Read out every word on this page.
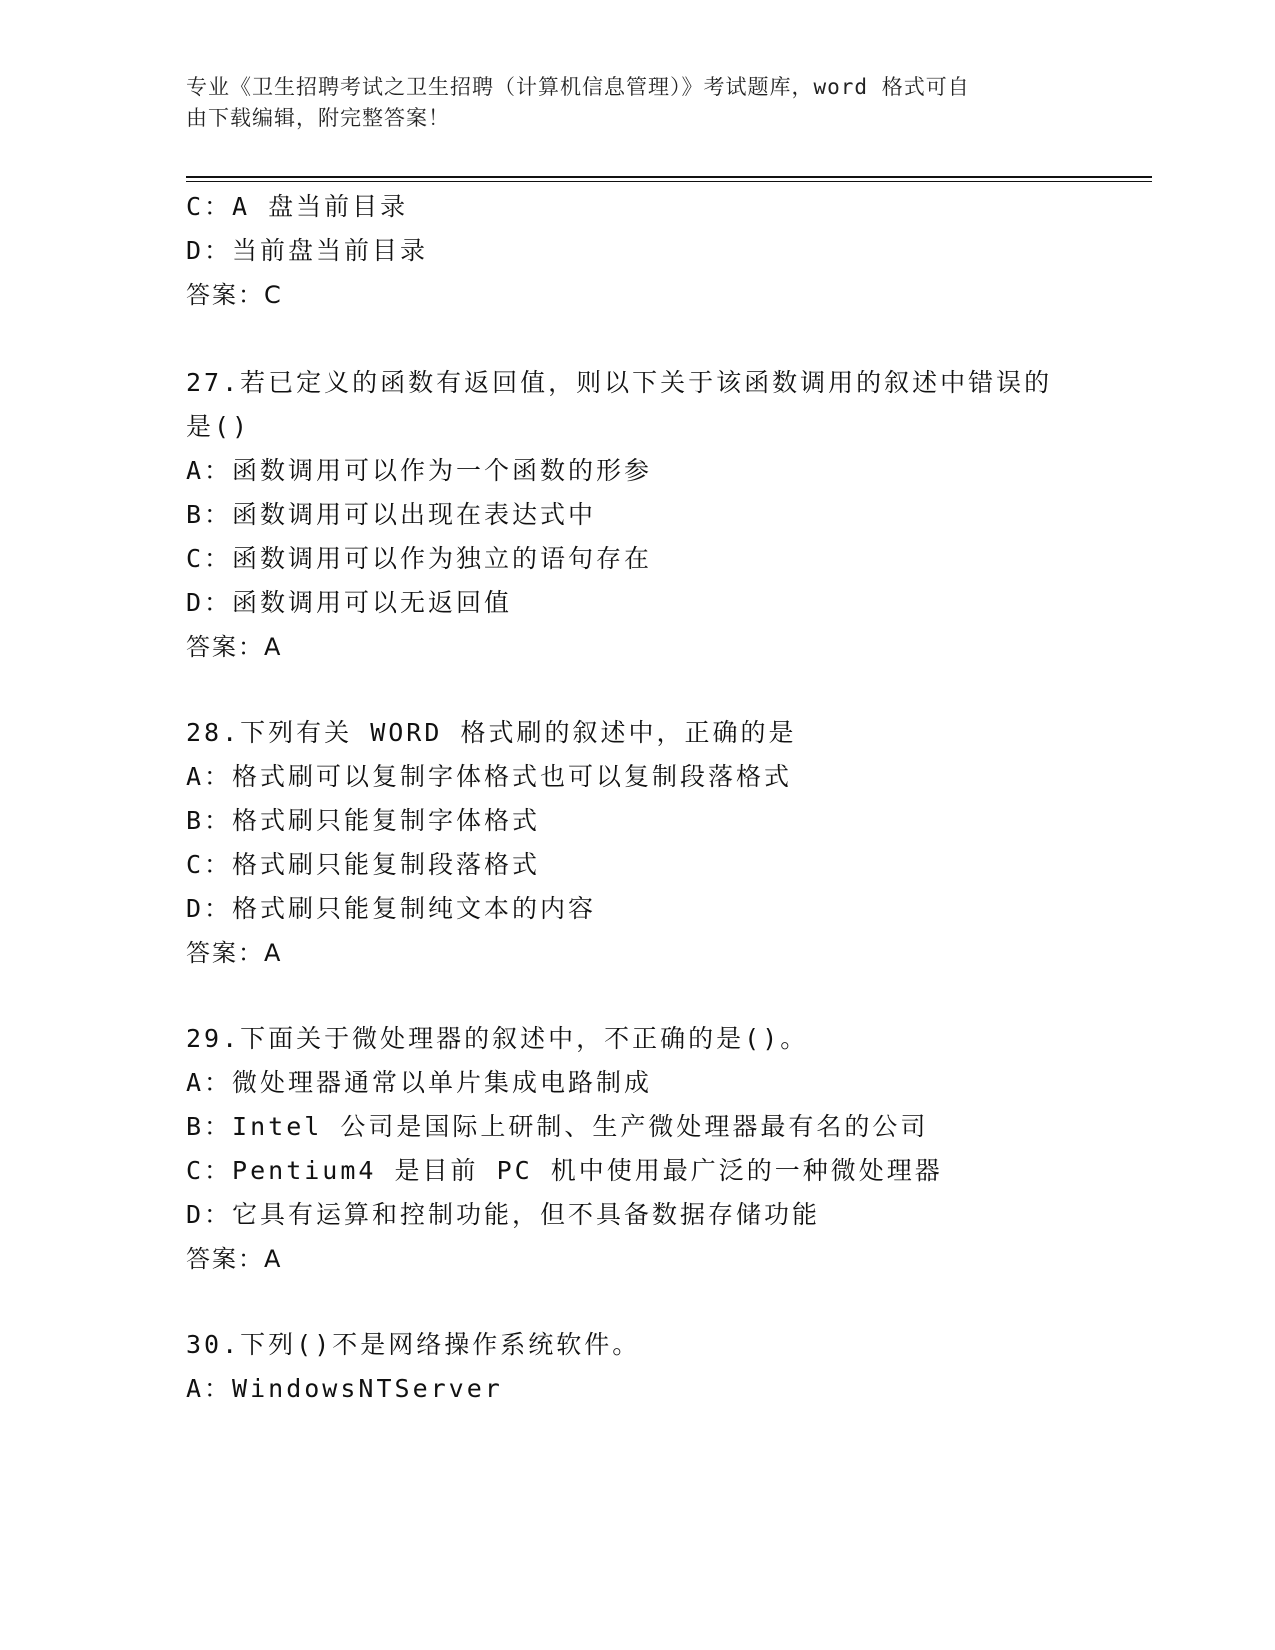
专业《卫生招聘考试之卫生招聘（计算机信息管理）》考试题库，word 格式可自
由下载编辑，附完整答案！
C：A 盘当前目录
D：当前盘当前目录
答案：C
27.若已定义的函数有返回值，则以下关于该函数调用的叙述中错误的
是()
A：函数调用可以作为一个函数的形参
B：函数调用可以出现在表达式中
C：函数调用可以作为独立的语句存在
D：函数调用可以无返回值
答案：A
28.下列有关 WORD 格式刷的叙述中，正确的是
A：格式刷可以复制字体格式也可以复制段落格式
B：格式刷只能复制字体格式
C：格式刷只能复制段落格式
D：格式刷只能复制纯文本的内容
答案：A
29.下面关于微处理器的叙述中，不正确的是()。
A：微处理器通常以单片集成电路制成
B：Intel 公司是国际上研制、生产微处理器最有名的公司
C：Pentium4 是目前 PC 机中使用最广泛的一种微处理器
D：它具有运算和控制功能，但不具备数据存储功能
答案：A
30.下列()不是网络操作系统软件。
A：WindowsNTServer
